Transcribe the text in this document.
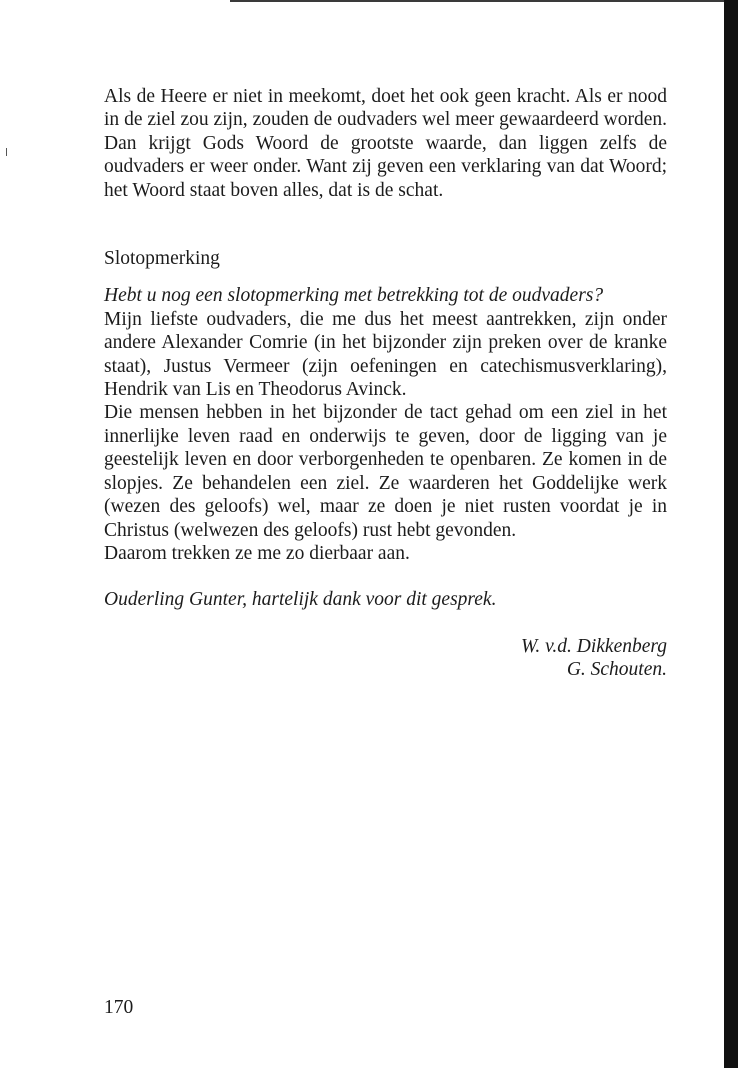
Als de Heere er niet in meekomt, doet het ook geen kracht. Als er nood in de ziel zou zijn, zouden de oudvaders wel meer gewaardeerd worden. Dan krijgt Gods Woord de grootste waarde, dan liggen zelfs de oudvaders er weer onder. Want zij geven een verklaring van dat Woord; het Woord staat boven alles, dat is de schat.

Slotopmerking

Hebt u nog een slotopmerking met betrekking tot de oudvaders?

Mijn liefste oudvaders, die me dus het meest aantrekken, zijn onder andere Alexander Comrie (in het bijzonder zijn preken over de kranke staat), Justus Vermeer (zijn oefeningen en catechismusverklaring), Hendrik van Lis en Theodorus Avinck.

Die mensen hebben in het bijzonder de tact gehad om een ziel in het innerlijke leven raad en onderwijs te geven, door de ligging van je geestelijk leven en door verborgenheden te openbaren. Ze komen in de slopjes. Ze behandelen een ziel. Ze waarderen het Goddelijke werk (wezen des geloofs) wel, maar ze doen je niet rusten voordat je in Christus (welwezen des geloofs) rust hebt gevonden.

Daarom trekken ze me zo dierbaar aan.

Ouderling Gunter, hartelijk dank voor dit gesprek.

W. v.d. Dikkenberg
G. Schouten.
170
